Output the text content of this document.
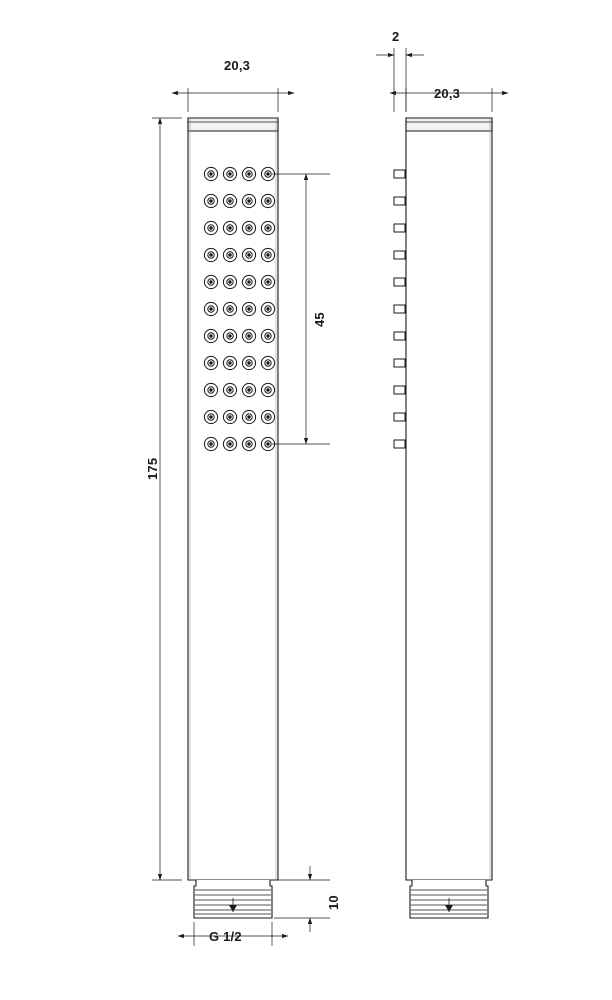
20,3
175
45
10
G 1/2
2
20,3
